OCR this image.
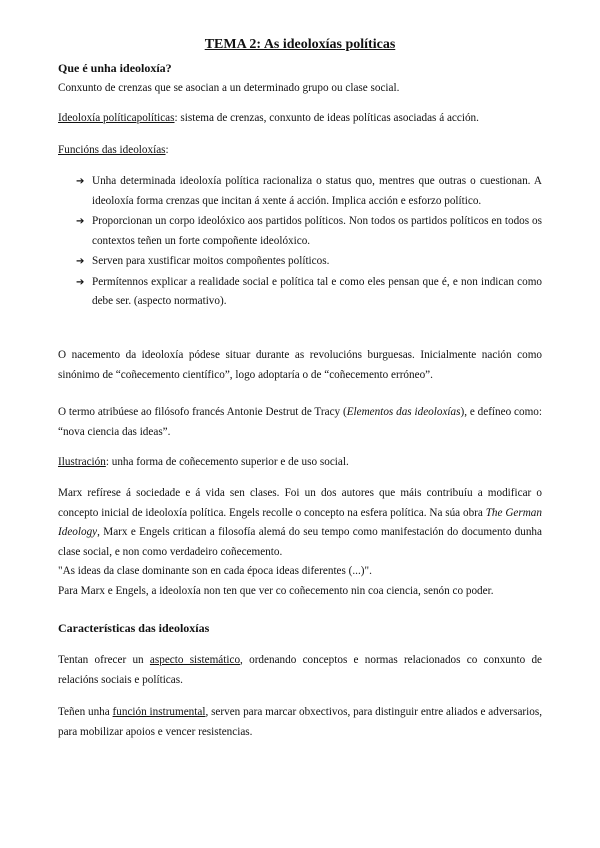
TEMA 2: As ideoloxías políticas
Que é unha ideoloxía?
Conxunto de crenzas que se asocian a un determinado grupo ou clase social.
Ideoloxía políticapolíticas: sistema de crenzas, conxunto de ideas políticas asociadas á acción.
Funcións das ideoloxías:
➔ Unha determinada ideoloxía política racionaliza o status quo, mentres que outras o cuestionan. A ideoloxía forma crenzas que incitan á xente á acción. Implica acción e esforzo político.
➔ Proporcionan un corpo ideolóxico aos partidos políticos. Non todos os partidos políticos en todos os contextos teñen un forte compoñente ideolóxico.
➔ Serven para xustificar moitos compoñentes políticos.
➔ Permítennos explicar a realidade social e política tal e como eles pensan que é, e non indican como debe ser. (aspecto normativo).
O nacemento da ideoloxía pódese situar durante as revolucións burguesas. Inicialmente nación como sinónimo de “coñecemento científico”, logo adoptaría o de “coñecemento erróneo”.
O termo atribúese ao filósofo francés Antonie Destrut de Tracy (Elementos das ideoloxías), e defíneo como: “nova ciencia das ideas”.
Ilustración: unha forma de coñecemento superior e de uso social.
Marx refírese á sociedade e á vida sen clases. Foi un dos autores que máis contribuíu a modificar o concepto inicial de ideoloxía política. Engels recolle o concepto na esfera política. Na súa obra The German Ideology, Marx e Engels critican a filosofía alemá do seu tempo como manifestación do documento dunha clase social, e non como verdadeiro coñecemento.
"As ideas da clase dominante son en cada época ideas diferentes (...)".
Para Marx e Engels, a ideoloxía non ten que ver co coñecemento nin coa ciencia, senón co poder.
Características das ideoloxías
Tentan ofrecer un aspecto sistemático, ordenando conceptos e normas relacionados co conxunto de relacións sociais e políticas.
Teñen unha función instrumental, serven para marcar obxectivos, para distinguir entre aliados e adversarios, para mobilizar apoios e vencer resistencias.
